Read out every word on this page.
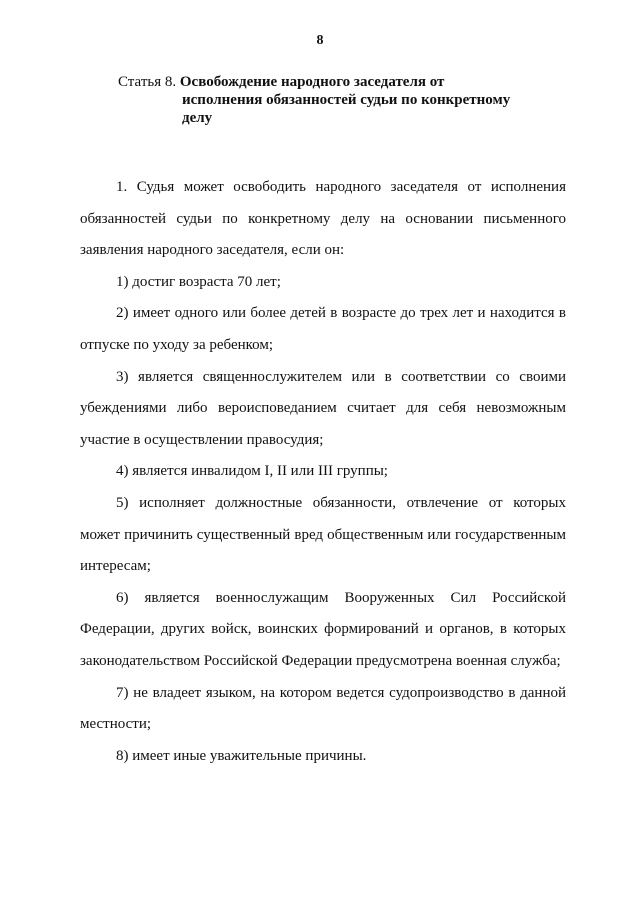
8
Статья 8. Освобождение народного заседателя от
исполнения обязанностей судьи по конкретному
делу

1. Судья может освободить народного заседателя от исполнения обязанностей судьи по конкретному делу на основании письменного заявления народного заседателя, если он:

1) достиг возраста 70 лет;

2) имеет одного или более детей в возрасте до трех лет и находится в отпуске по уходу за ребенком;

3) является священнослужителем или в соответствии со своими убеждениями либо вероисповеданием считает для себя невозможным участие в осуществлении правосудия;

4) является инвалидом I, II или III группы;

5) исполняет должностные обязанности, отвлечение от которых может причинить существенный вред общественным или государственным интересам;

6) является военнослужащим Вооруженных Сил Российской Федерации, других войск, воинских формирований и органов, в которых законодательством Российской Федерации предусмотрена военная служба;

7) не владеет языком, на котором ведется судопроизводство в данной местности;

8) имеет иные уважительные причины.
